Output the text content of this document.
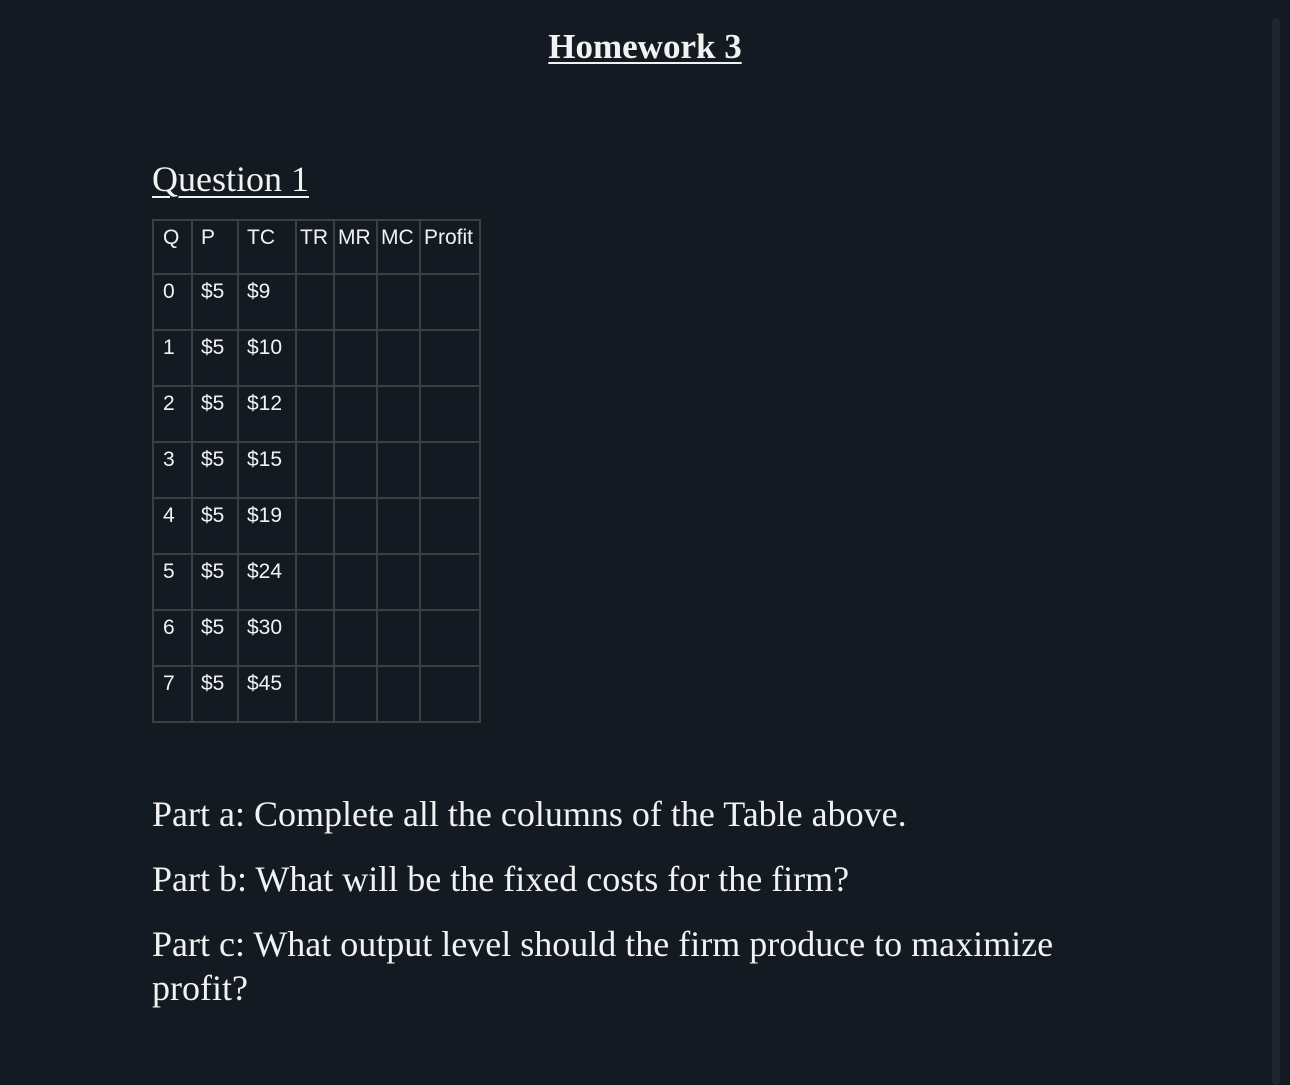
Homework 3
Question 1
Q	P	TC	TR	MR	MC	Profit
0	$5	$9				
1	$5	$10				
2	$5	$12				
3	$5	$15				
4	$5	$19				
5	$5	$24				
6	$5	$30				
7	$5	$45				

Part a: Complete all the columns of the Table above.

Part b: What will be the fixed costs for the firm?

Part c: What output level should the firm produce to maximize profit?
